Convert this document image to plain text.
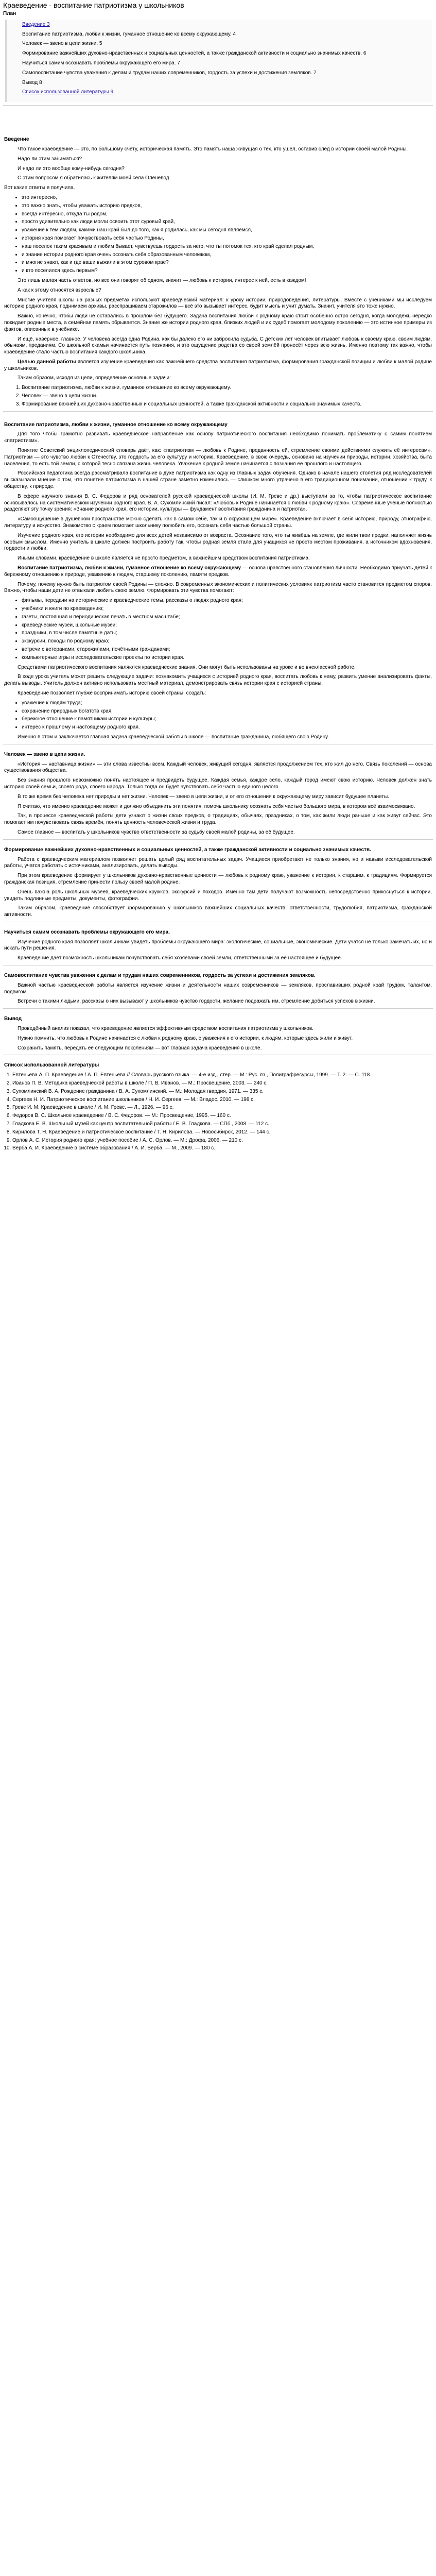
Краеведение - воспитание патриотизма у школьников
План

Введение 3

Воспитание патриотизма, любви к жизни, гуманное отношение ко всему окружающему. 4

Человек — звено в цепи жизни. 5

Формирование важнейших духовно-нравственных и социальных ценностей, а также гражданской активности и социально значимых качеств. 6

Научиться самим осознавать проблемы окружающего его мира. 7

Самовоспитание чувства уважения к делам и трудам наших современников, гордость за успехи и достижения земляков. 7

Вывод 8

Список использованной литературы 9

Введение

Что такое краеведение — это, по большому счету, историческая память. Это память наша живущая о тех, кто ушел, оставив след в истории своей малой Родины.

Надо ли этим заниматься?

И надо ли это вообще кому-нибудь сегодня?

С этим вопросом я обратилась к жителям моей села Оленевод

Вот какие ответы я получила.

• это интересно,
• это важно знать, чтобы уважать историю предков,
• всегда интересно, откуда ты родом,
• просто удивительно как люди могли освоить этот суровый край,
• уважение к тем людям, какими наш край был до того, как я родилась, как мы сегодня являемся,
• история края помогает почувствовать себя частью Родины,
• наш поселок таким красивым и любим бывает, чувствуешь гордость за него, что ты потомок тех, кто край сделал родным,
• и знание истории родного края очень осознать себя образованным человеком,
• и многие знают, как и где ваши выжили в этом суровом крае?
• и кто поселился здесь первым?

Это лишь малая часть ответов, но все они говорят об одном, значит — любовь к истории, интерес к ней, есть в каждом!

А как к этому относятся взрослые?

Многие учителя школы на разных предметах используют краеведческий материал: к уроку истории, природоведения, литературы. Вместе с учениками мы исследуем историю родного края, поднимаем архивы, расспрашиваем старожилов — всё это вызывает интерес, будит мысль и учит думать. Значит, учителя это тоже нужно.

Важно, конечно, чтобы люди не оставались в прошлом без будущего. Задача воспитания любви к родному краю стоит особенно остро сегодня, когда молодёжь нередко покидает родные места, а семейная память обрывается. Знание же истории родного края, близких людей и их судеб помогает молодому поколению — это истинное примеры из фактов, описанных в учебнике.

И ещё, наверное, главное. У человека всегда одна Родина, как бы далеко его ни забросила судьба. С детских лет человек впитывает любовь к своему краю, своим людям, обычаям, преданиям. Со школьной скамьи начинается путь познания, и это ощущение родства со своей землёй пронесёт через всю жизнь. Именно поэтому так важно, чтобы краеведение стало частью воспитания каждого школьника.

Целью данной работы является изучение краеведения как важнейшего средства воспитания патриотизма, формирования гражданской позиции и любви к малой родине у школьников.

Таким образом, исходя из цели, определение основные задачи:

1. Воспитание патриотизма, любви к жизни, гуманное отношение ко всему окружающему.
2. Человек — звено в цепи жизни.
3. Формирование важнейших духовно-нравственных и социальных ценностей, а также гражданской активности и социально значимых качеств.
Воспитание патриотизма, любви к жизни, гуманное отношение ко всему окружающему

Для того чтобы грамотно развивать краеведческое направление как основу патриотического воспитания необходимо понимать проблематику с самим понятием «патриотизм».

Понятие Советский энциклопедический словарь даёт, как: «патриотизм — любовь к Родине, преданность ей, стремление своими действиями служить её интересам». Патриотизм — это чувство любви к Отечеству, это гордость за его культуру и историю. Краеведение, в свою очередь, основано на изучении природы, истории, хозяйства, быта населения, то есть той земли, с которой тесно связана жизнь человека. Уважение к родной земле начинается с познания её прошлого и настоящего.

Российская педагогика всегда рассматривала воспитание в духе патриотизма как одну из главных задач обучения. Однако в начале нашего столетия ряд исследователей высказывали мнение о том, что понятие патриотизма в нашей стране заметно изменилось — слишком много утрачено в его традиционном понимании, отношении к труду, к обществу, к природе.

В сфере научного знания В. С. Федоров и ряд основателей русской краеведческой школы (И. М. Гревс и др.) выступали за то, чтобы патриотическое воспитание основывалось на систематическом изучении родного края. В. А. Сухомлинский писал: «Любовь к Родине начинается с любви к родному краю». Современные учёные полностью разделяют эту точку зрения: «Знание родного края, его истории, культуры — фундамент воспитания гражданина и патриота».

«Самоощущение в душевном пространстве можно сделать как в самом себе, так и в окружающем мире». Краеведение включает в себя историю, природу, этнографию, литературу и искусство. Знакомство с краем помогает школьнику полюбить его, осознать себя частью большой страны.

Изучение родного края, его истории необходимо для всех детей независимо от возраста. Осознание того, что ты живёшь на земле, где жили твои предки, наполняет жизнь особым смыслом. Именно учитель в школе должен построить работу так, чтобы родная земля стала для учащихся не просто местом проживания, а источником вдохновения, гордости и любви.

Иными словами, краеведение в школе является не просто предметом, а важнейшим средством воспитания патриотизма.

Воспитание патриотизма, любви к жизни, гуманное отношение ко всему окружающему — основа нравственного становления личности. Необходимо приучать детей к бережному отношению к природе, уважению к людям, старшему поколению, памяти предков.

Почему, почему нужно быть патриотом своей Родины — сложно. В современных экономических и политических условиях патриотизм часто становится предметом споров. Важно, чтобы наши дети не отвыкали любить свою землю. Формировать эти чувства помогают:

• фильмы, передачи на исторические и краеведческие темы, рассказы о людях родного края;
• учебники и книги по краеведению;
• газеты, постоянная и периодическая печать в местном масштабе;
• краеведческие музеи, школьные музеи;
• праздники, в том числе памятные даты;
• экскурсии, походы по родному краю;
• встречи с ветеранами, старожилами, почётными гражданами;
• компьютерные игры и исследовательские проекты по истории края.

Средствами патриотического воспитания являются краеведческие знания. Они могут быть использованы на уроке и во внеклассной работе.

В ходе урока учитель может решить следующие задачи: познакомить учащихся с историей родного края, воспитать любовь к нему, развить умение анализировать факты, делать выводы. Учитель должен активно использовать местный материал, демонстрировать связь истории края с историей страны.

Краеведение позволяет глубже воспринимать историю своей страны, создать:

• уважение к людям труда;
• сохранение природных богатств края;
• бережное отношение к памятникам истории и культуры;
• интерес к прошлому и настоящему родного края.

Именно в этом и заключается главная задача краеведческой работы в школе — воспитание гражданина, любящего свою Родину.

Человек — звено в цепи жизни.

«История — наставница жизни» — эти слова известны всем. Каждый человек, живущий сегодня, является продолжением тех, кто жил до него. Связь поколений — основа существования общества.

Без знания прошлого невозможно понять настоящее и предвидеть будущее. Каждая семья, каждое село, каждый город имеют свою историю. Человек должен знать историю своей семьи, своего рода, своего народа. Только тогда он будет чувствовать себя частью единого целого.

В то же время без человека нет природы и нет жизни. Человек — звено в цепи жизни, и от его отношения к окружающему миру зависит будущее планеты.

Я считаю, что именно краеведение может и должно объединить эти понятия, помочь школьнику осознать себя частью большого мира, в котором всё взаимосвязано.

Так, в процессе краеведческой работы дети узнают о жизни своих предков, о традициях, обычаях, праздниках, о том, как жили люди раньше и как живут сейчас. Это помогает им почувствовать связь времён, понять ценность человеческой жизни и труда.

Самое главное — воспитать у школьников чувство ответственности за судьбу своей малой родины, за её будущее.

Формирование важнейших духовно-нравственных и социальных ценностей, а также гражданской активности и социально значимых качеств.

Работа с краеведческим материалом позволяет решать целый ряд воспитательных задач. Учащиеся приобретают не только знания, но и навыки исследовательской работы, учатся работать с источниками, анализировать, делать выводы.

При этом краеведение формирует у школьников духовно-нравственные ценности — любовь к родному краю, уважение к истории, к старшим, к традициям. Формируется гражданская позиция, стремление принести пользу своей малой родине.

Очень важна роль школьных музеев, краеведческих кружков, экскурсий и походов. Именно там дети получают возможность непосредственно прикоснуться к истории, увидеть подлинные предметы, документы, фотографии.

Таким образом, краеведение способствует формированию у школьников важнейших социальных качеств: ответственности, трудолюбия, патриотизма, гражданской активности.

Научиться самим осознавать проблемы окружающего его мира.

Изучение родного края позволяет школьникам увидеть проблемы окружающего мира: экологические, социальные, экономические. Дети учатся не только замечать их, но и искать пути решения.

Краеведение даёт возможность школьникам почувствовать себя хозяевами своей земли, ответственными за её настоящее и будущее.

Самовоспитание чувства уважения к делам и трудам наших современников, гордость за успехи и достижения земляков.

Важной частью краеведческой работы является изучение жизни и деятельности наших современников — земляков, прославивших родной край трудом, талантом, подвигом.

Встречи с такими людьми, рассказы о них вызывают у школьников чувство гордости, желание подражать им, стремление добиться успехов в жизни.

Вывод

Проведённый анализ показал, что краеведение является эффективным средством воспитания патриотизма у школьников.

Нужно помнить, что любовь к Родине начинается с любви к родному краю, с уважения к его истории, к людям, которые здесь жили и живут.

Сохранить память, передать её следующим поколениям — вот главная задача краеведения в школе.

Список использованной литературы
1. Евтеньева А. П. Краеведение / А. П. Евтеньева // Словарь русского языка. — 4-е изд., стер. — М.: Рус. яз., Полиграфресурсы, 1999. — Т. 2. — С. 118.
2. Иванов П. В. Методика краеведческой работы в школе / П. В. Иванов. — М.: Просвещение, 2003. — 240 с.
3. Сухомлинский В. А. Рождение гражданина / В. А. Сухомлинский. — М.: Молодая гвардия, 1971. — 335 с.
4. Сергеев Н. И. Патриотическое воспитание школьников / Н. И. Сергеев. — М.: Владос, 2010. — 198 с.
5. Гревс И. М. Краеведение в школе / И. М. Гревс. — Л., 1926. — 96 с.
6. Федоров В. С. Школьное краеведение / В. С. Федоров. — М.: Просвещение, 1995. — 160 с.
7. Гладкова Е. В. Школьный музей как центр воспитательной работы / Е. В. Гладкова. — СПб., 2008. — 112 с.
8. Кирилова Т. Н. Краеведение и патриотическое воспитание / Т. Н. Кирилова. — Новосибирск, 2012. — 144 с.
9. Орлов А. С. История родного края: учебное пособие / А. С. Орлов. — М.: Дрофа, 2006. — 210 с.
10. Верба А. И. Краеведение в системе образования / А. И. Верба. — М., 2009. — 180 с.
